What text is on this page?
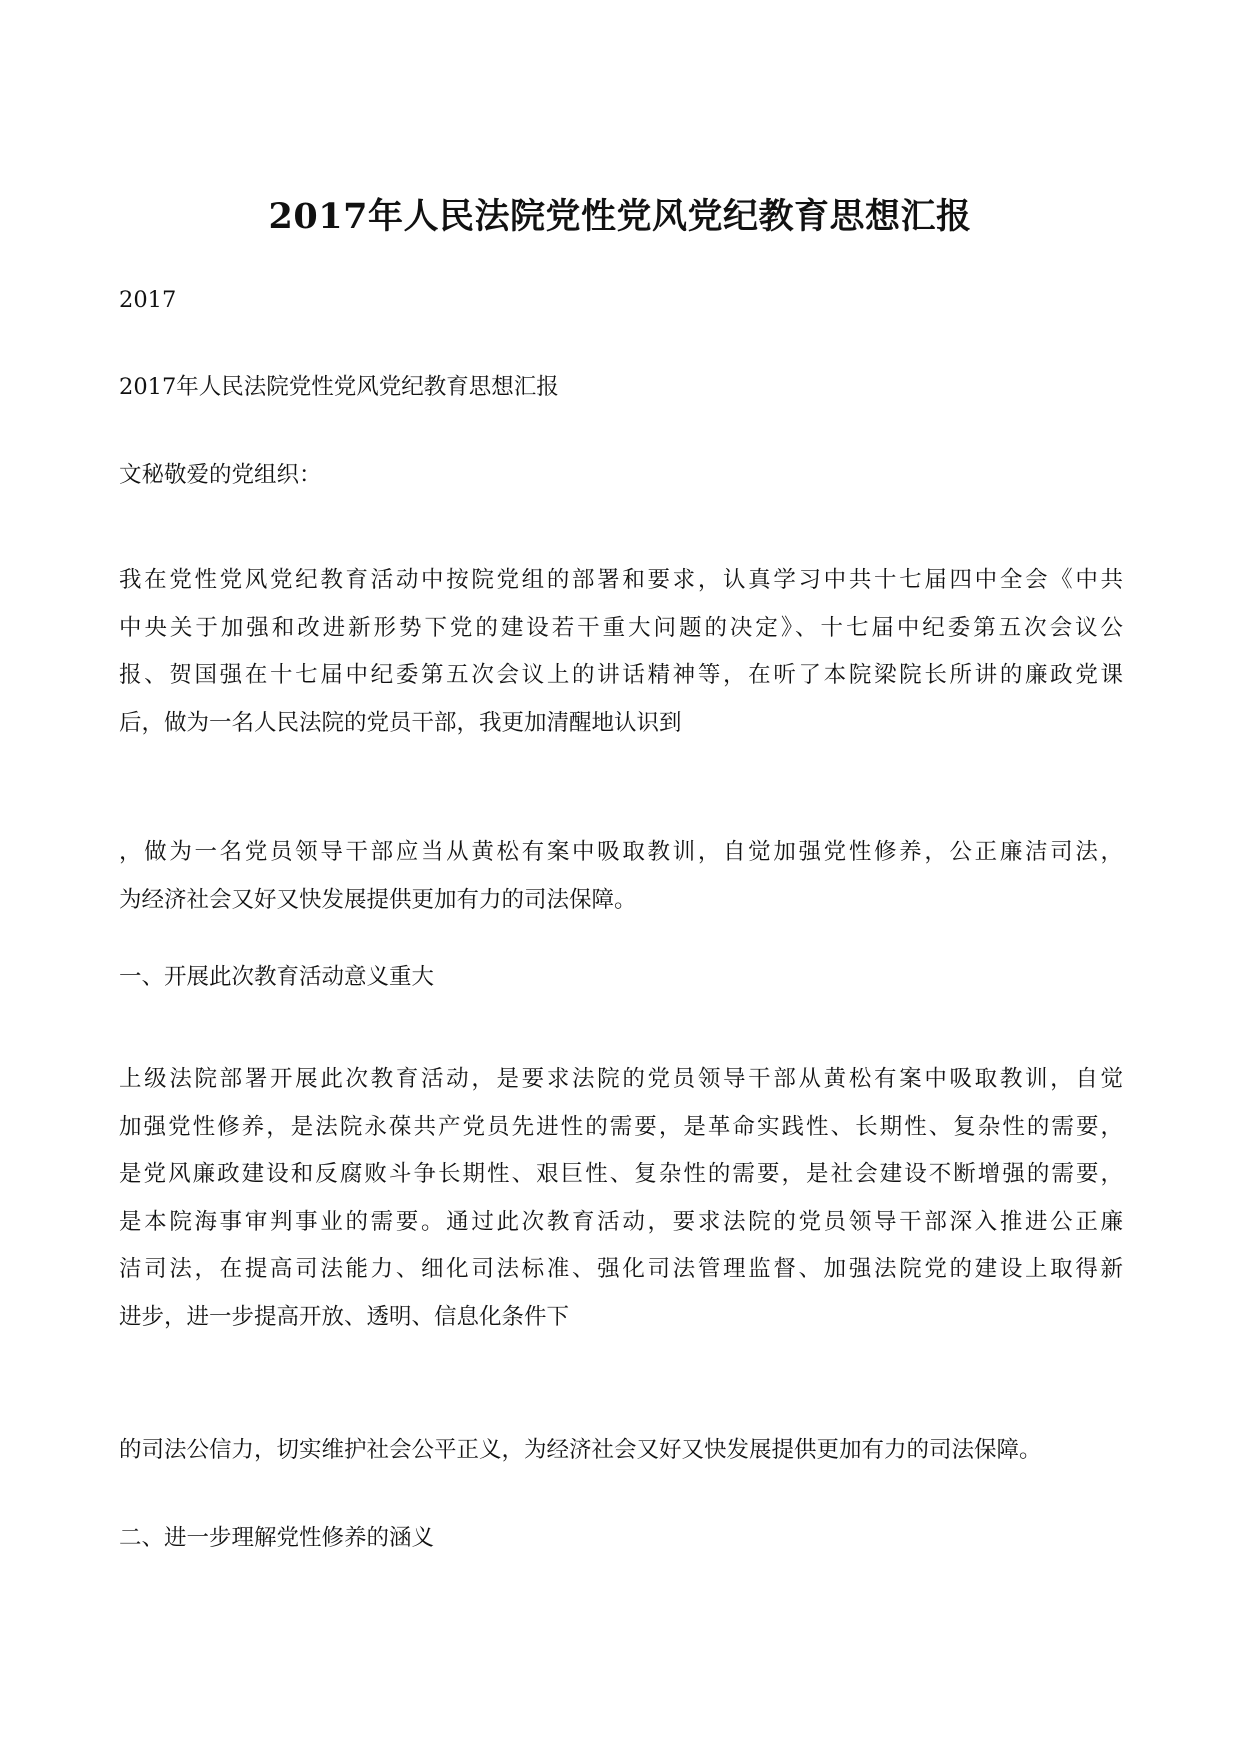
2017年人民法院党性党风党纪教育思想汇报

2017

2017年人民法院党性党风党纪教育思想汇报

文秘敬爱的党组织：

我在党性党风党纪教育活动中按院党组的部署和要求，认真学习中共十七届四中全会《中共
中央关于加强和改进新形势下党的建设若干重大问题的决定》、十七届中纪委第五次会议公
报、贺国强在十七届中纪委第五次会议上的讲话精神等，在听了本院梁院长所讲的廉政党课
后，做为一名人民法院的党员干部，我更加清醒地认识到

，做为一名党员领导干部应当从黄松有案中吸取教训，自觉加强党性修养，公正廉洁司法，
为经济社会又好又快发展提供更加有力的司法保障。

一、开展此次教育活动意义重大

上级法院部署开展此次教育活动，是要求法院的党员领导干部从黄松有案中吸取教训，自觉
加强党性修养，是法院永葆共产党员先进性的需要，是革命实践性、长期性、复杂性的需要，
是党风廉政建设和反腐败斗争长期性、艰巨性、复杂性的需要，是社会建设不断增强的需要，
是本院海事审判事业的需要。通过此次教育活动，要求法院的党员领导干部深入推进公正廉
洁司法，在提高司法能力、细化司法标准、强化司法管理监督、加强法院党的建设上取得新
进步，进一步提高开放、透明、信息化条件下

的司法公信力，切实维护社会公平正义，为经济社会又好又快发展提供更加有力的司法保障。

二、进一步理解党性修养的涵义
